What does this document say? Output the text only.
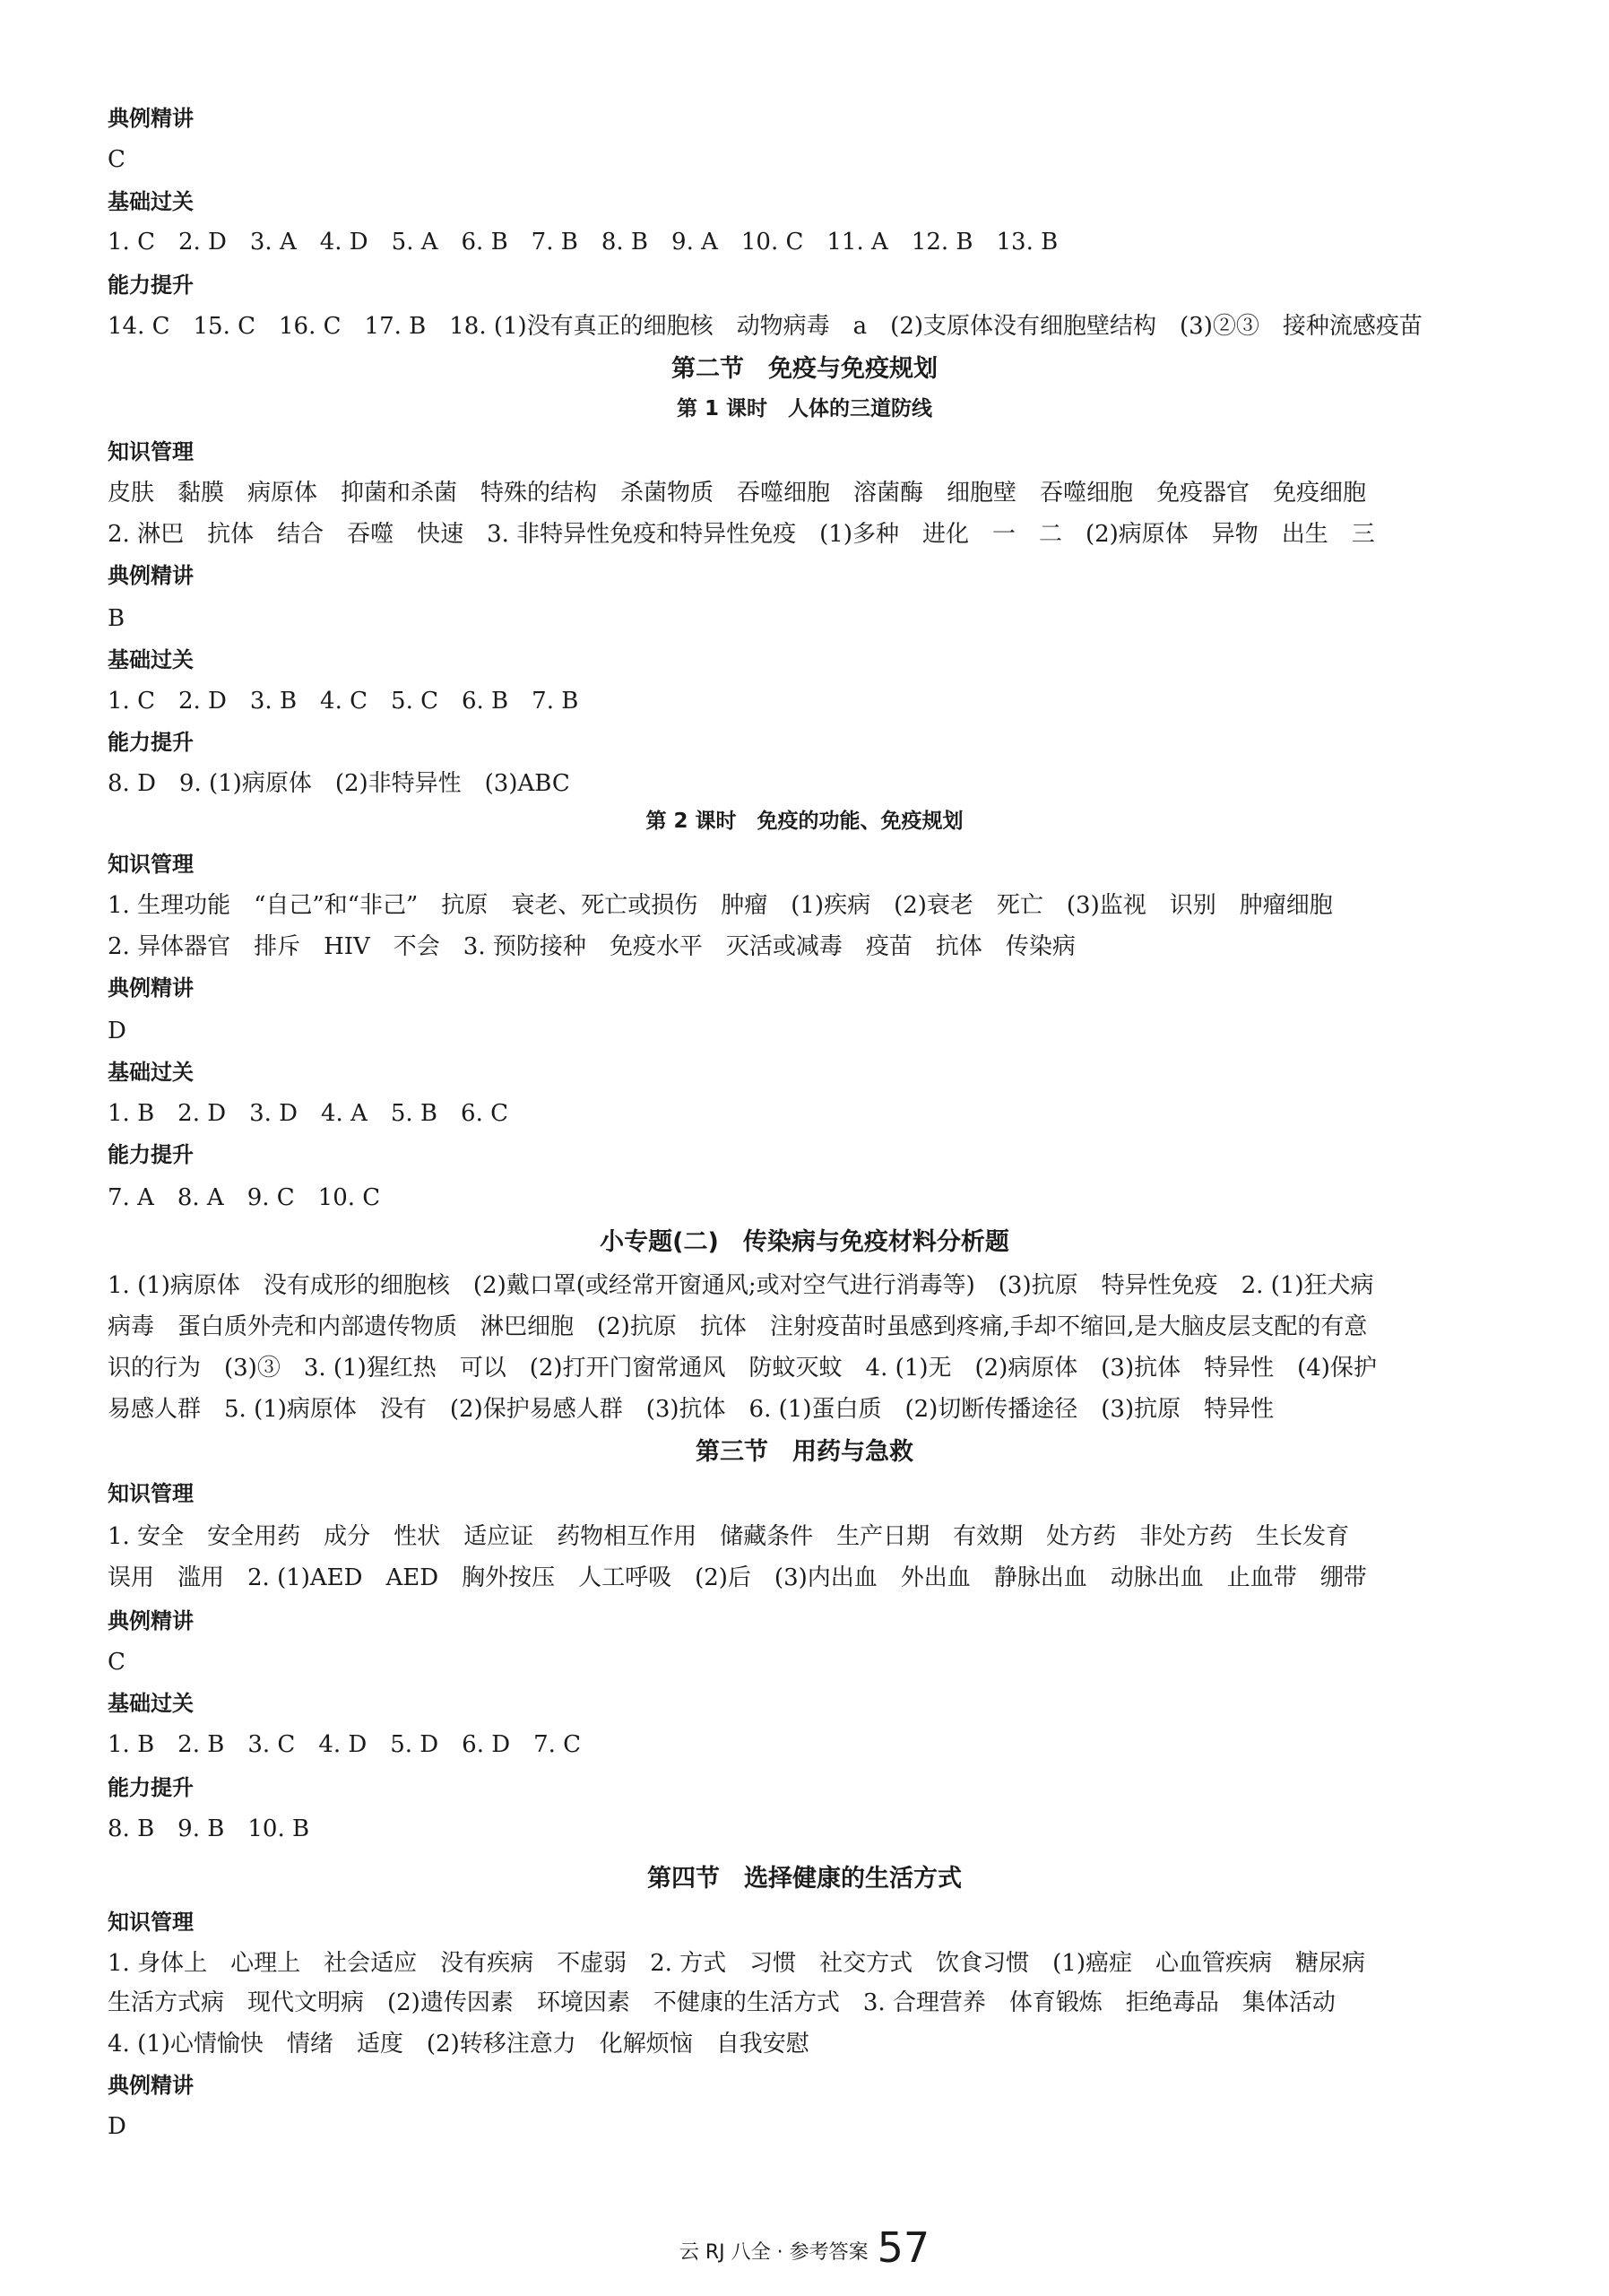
典例精讲
C
基础过关
1. C　2. D　3. A　4. D　5. A　6. B　7. B　8. B　9. A　10. C　11. A　12. B　13. B
能力提升
14. C　15. C　16. C　17. B　18. (1)没有真正的细胞核　动物病毒　a　(2)支原体没有细胞壁结构　(3)②③　接种流感疫苗
第二节　免疫与免疫规划
第 1 课时　人体的三道防线
知识管理
皮肤　黏膜　病原体　抑菌和杀菌　特殊的结构　杀菌物质　吞噬细胞　溶菌酶　细胞壁　吞噬细胞　免疫器官　免疫细胞
2. 淋巴　抗体　结合　吞噬　快速　3. 非特异性免疫和特异性免疫　(1)多种　进化　一　二　(2)病原体　异物　出生　三
典例精讲
B
基础过关
1. C　2. D　3. B　4. C　5. C　6. B　7. B
能力提升
8. D　9. (1)病原体　(2)非特异性　(3)ABC
第 2 课时　免疫的功能、免疫规划
知识管理
1. 生理功能　“自己”和“非己”　抗原　衰老、死亡或损伤　肿瘤　(1)疾病　(2)衰老　死亡　(3)监视　识别　肿瘤细胞
2. 异体器官　排斥　HIV　不会　3. 预防接种　免疫水平　灭活或减毒　疫苗　抗体　传染病
典例精讲
D
基础过关
1. B　2. D　3. D　4. A　5. B　6. C
能力提升
7. A　8. A　9. C　10. C
小专题(二)　传染病与免疫材料分析题
1. (1)病原体　没有成形的细胞核　(2)戴口罩(或经常开窗通风;或对空气进行消毒等)　(3)抗原　特异性免疫　2. (1)狂犬病
病毒　蛋白质外壳和内部遗传物质　淋巴细胞　(2)抗原　抗体　注射疫苗时虽感到疼痛,手却不缩回,是大脑皮层支配的有意
识的行为　(3)③　3. (1)猩红热　可以　(2)打开门窗常通风　防蚊灭蚊　4. (1)无　(2)病原体　(3)抗体　特异性　(4)保护
易感人群　5. (1)病原体　没有　(2)保护易感人群　(3)抗体　6. (1)蛋白质　(2)切断传播途径　(3)抗原　特异性
第三节　用药与急救
知识管理
1. 安全　安全用药　成分　性状　适应证　药物相互作用　储藏条件　生产日期　有效期　处方药　非处方药　生长发育
误用　滥用　2. (1)AED　AED　胸外按压　人工呼吸　(2)后　(3)内出血　外出血　静脉出血　动脉出血　止血带　绷带
典例精讲
C
基础过关
1. B　2. B　3. C　4. D　5. D　6. D　7. C
能力提升
8. B　9. B　10. B
第四节　选择健康的生活方式
知识管理
1. 身体上　心理上　社会适应　没有疾病　不虚弱　2. 方式　习惯　社交方式　饮食习惯　(1)癌症　心血管疾病　糖尿病
生活方式病　现代文明病　(2)遗传因素　环境因素　不健康的生活方式　3. 合理营养　体育锻炼　拒绝毒品　集体活动
4. (1)心情愉快　情绪　适度　(2)转移注意力　化解烦恼　自我安慰
典例精讲
D
云 RJ 八全 · 参考答案 57
